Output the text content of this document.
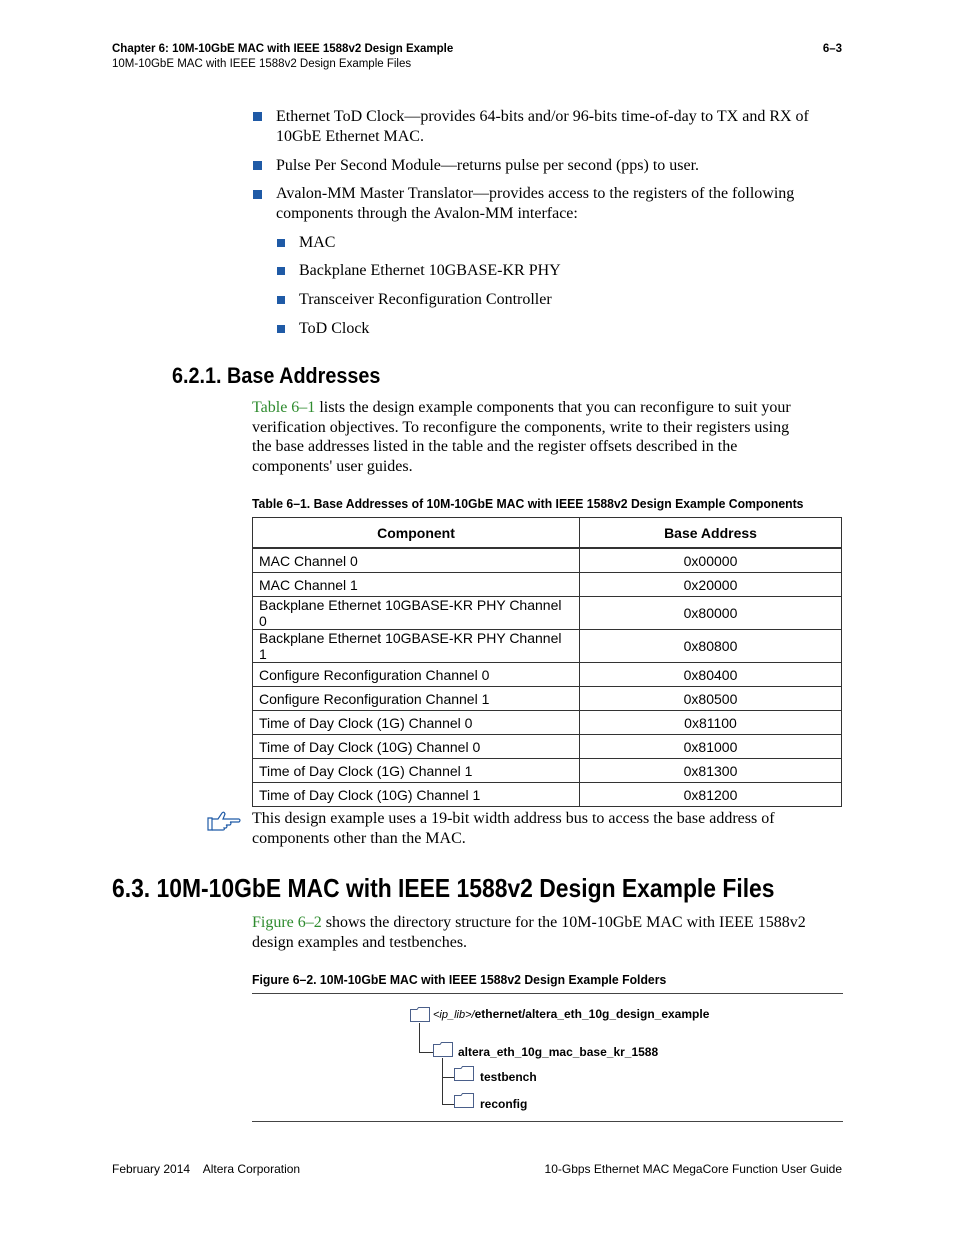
Chapter 6: 10M-10GbE MAC with IEEE 1588v2 Design Example	6–3
10M-10GbE MAC with IEEE 1588v2 Design Example Files
Ethernet ToD Clock—provides 64-bits and/or 96-bits time-of-day to TX and RX of
10GbE Ethernet MAC.
Pulse Per Second Module—returns pulse per second (pps) to user.
Avalon-MM Master Translator—provides access to the registers of the following
components through the Avalon-MM interface:
MAC
Backplane Ethernet 10GBASE-KR PHY
Transceiver Reconfiguration Controller
ToD Clock
6.2.1. Base Addresses
Table 6–1 lists the design example components that you can reconfigure to suit your
verification objectives. To reconfigure the components, write to their registers using
the base addresses listed in the table and the register offsets described in the
components' user guides.
Table 6–1. Base Addresses of 10M-10GbE MAC with IEEE 1588v2 Design Example Components
Component	Base Address
MAC Channel 0	0x00000
MAC Channel 1	0x20000
Backplane Ethernet 10GBASE-KR PHY Channel 0	0x80000
Backplane Ethernet 10GBASE-KR PHY Channel 1	0x80800
Configure Reconfiguration Channel 0	0x80400
Configure Reconfiguration Channel 1	0x80500
Time of Day Clock (1G) Channel 0	0x81100
Time of Day Clock (10G) Channel 0	0x81000
Time of Day Clock (1G) Channel 1	0x81300
Time of Day Clock (10G) Channel 1	0x81200
This design example uses a 19-bit width address bus to access the base address of
components other than the MAC.
6.3. 10M-10GbE MAC with IEEE 1588v2 Design Example Files
Figure 6–2 shows the directory structure for the 10M-10GbE MAC with IEEE 1588v2
design examples and testbenches.
Figure 6–2. 10M-10GbE MAC with IEEE 1588v2 Design Example Folders
<ip_lib>/ethernet/altera_eth_10g_design_example
altera_eth_10g_mac_base_kr_1588
testbench
reconfig
February 2014    Altera Corporation	10-Gbps Ethernet MAC MegaCore Function User Guide
